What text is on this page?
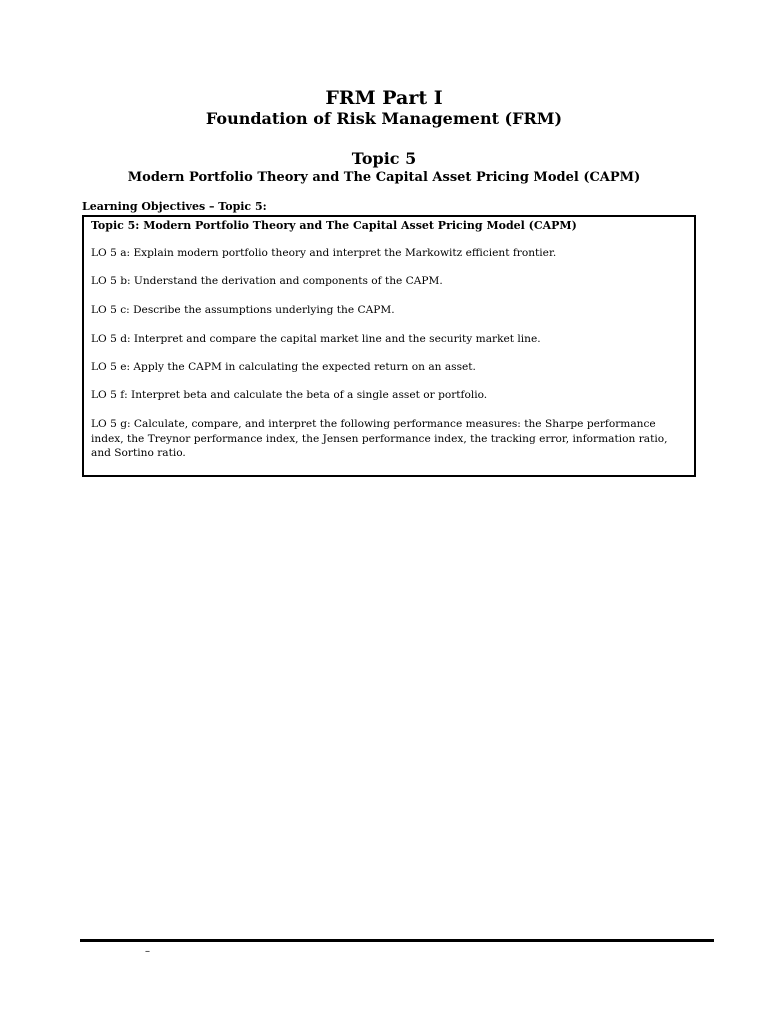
FRM Part I
Foundation of Risk Management (FRM)
Topic 5
Modern Portfolio Theory and The Capital Asset Pricing Model (CAPM)
Learning Objectives – Topic 5:
Topic 5: Modern Portfolio Theory and The Capital Asset Pricing Model (CAPM)
LO 5 a: Explain modern portfolio theory and interpret the Markowitz efficient frontier.
LO 5 b: Understand the derivation and components of the CAPM.
LO 5 c: Describe the assumptions underlying the CAPM.
LO 5 d: Interpret and compare the capital market line and the security market line.
LO 5 e: Apply the CAPM in calculating the expected return on an asset.
LO 5 f: Interpret beta and calculate the beta of a single asset or portfolio.
LO 5 g: Calculate, compare, and interpret the following performance measures: the Sharpe performance index, the Treynor performance index, the Jensen performance index, the tracking error, information ratio, and Sortino ratio.
–
